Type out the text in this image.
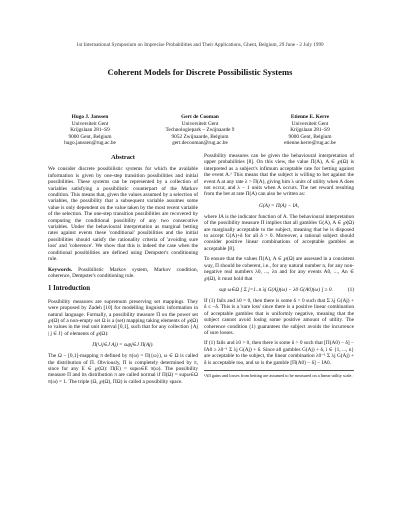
1st International Symposium on Imprecise Probabilities and Their Applications, Ghent, Belgium, 29 June - 2 July 1999
Coherent Models for Discrete Possibilistic Systems
Hugo J. Janssen
Universiteit Gent
Krijgslaan 281–S9
9000 Gent, Belgium
hugo.janssen@rug.ac.be
Gert de Cooman
Universiteit Gent
Technologiepark – Zwijnaarde 9
9052 Zwijnaarde, Belgium
gert.decooman@rug.ac.be
Etienne E. Kerre
Universiteit Gent
Krijgslaan 281–S9
9000 Gent, Belgium
etienne.kerre@rug.ac.be
Abstract

We consider discrete possibilistic systems for which the available information is given by one-step transition possibilities and initial possibilities. These systems can be represented by a collection of variables satisfying a possibilistic counterpart of the Markov condition. This means that, given the values assumed by a selection of variables, the possibility that a subsequent variable assumes some value is only dependent on the value taken by the most recent variable of the selection. The one-step transition possibilities are recovered by computing the conditional possibility of any two consecutive variables. Under the behavioural interpretation as marginal betting rates against events these 'conditional' possibilities and the initial possibilities should satisfy the rationality criteria of 'avoiding sure loss' and 'coherence'. We show that this is indeed the case when the conditional possibilities are defined using Dempster's conditioning rule.

Keywords. Possibilistic Markov system, Markov condition, coherence, Dempster's conditioning rule.

1 Introduction

Possibility measures are supremum preserving set mappings. They were proposed by Zadeh [10] for modelling linguistic information in natural language. Formally, a possibility measure Π on the power set ℘(Ω) of a non-empty set Ω is a (set) mapping taking elements of ℘(Ω) to values in the real unit interval [0,1], such that for any collection {Aj | j ∈ J} of elements of ℘(Ω):

Π(∪j∈J Aj) = supj∈J Π(Aj).

The Ω − [0,1]-mapping π defined by π(ω) = Π({ω}), ω ∈ Ω is called the distribution of Π. Obviously, Π is completely determined by π, since for any E ∈ ℘(Ω): Π(E) = supω∈E π(ω). The possibility measure Π and its distribution π are called normal if Π(Ω) = supω∈Ω π(ω) = 1. The triple (Ω, ℘(Ω), ΠΩ) is called a possibility space.

Possibility measures can be given the behavioural interpretation of upper probabilities [8]. On this view, the value Π(A), A ∈ ℘(Ω) is interpreted as a subject's infimum acceptable rate for betting against the event A.¹ This means that the subject is willing to bet against the event A at any rate λ > Π(A), giving him λ units of utility when A does not occur, and λ − 1 units when A occurs. The net reward resulting from the bet at rate Π(A) can also be written as:

G(A) = Π(A) − IA,

where IA is the indicator function of A. The behavioural interpretation of the possibility measure Π implies that all gambles G(A), A ∈ ℘(Ω) are marginally acceptable to the subject, meaning that he is disposed to accept G(A)+δ for all δ > 0. Moreover, a rational subject should consider positive linear combinations of acceptable gambles as acceptable [8].

To ensure that the values Π(A), A ∈ ℘(Ω) are assessed in a consistent way, Π should be coherent, i.e., for any natural number n, for any non-negative real numbers λ0, ..., λn and for any events A0, ..., An ∈ ℘(Ω), it must hold that

sup ω∈Ω [ Σ j=1..n λj G(Aj)(ω) − λ0 G(A0)(ω) ] ≥ 0.	(1)

If (1) fails and λ0 = 0, then there is some δ > 0 such that Σ λj G(Aj) + δ ≤ −δ. This is a 'sure loss' since there is a positive linear combination of acceptable gambles that is uniformly negative, meaning that the subject cannot avoid losing some positive amount of utility. The coherence condition (1) guarantees the subject avoids the incurrence of sure losses.

If (1) fails and λ0 > 0, then there is some δ > 0 such that [Π(A0) − δ] − IA0 ≥ λ0⁻¹ Σ λj G(Aj) + δ. Since all gambles G(Aj) + δ, i ∈ {1, ..., n} are acceptable to the subject, the linear combination λ0⁻¹ Σ λj G(Aj) + δ is acceptable too, and so is the gamble [Π(A0) − δ] − IA0.

¹All gains and losses from betting are assumed to be measured on a linear utility scale.
